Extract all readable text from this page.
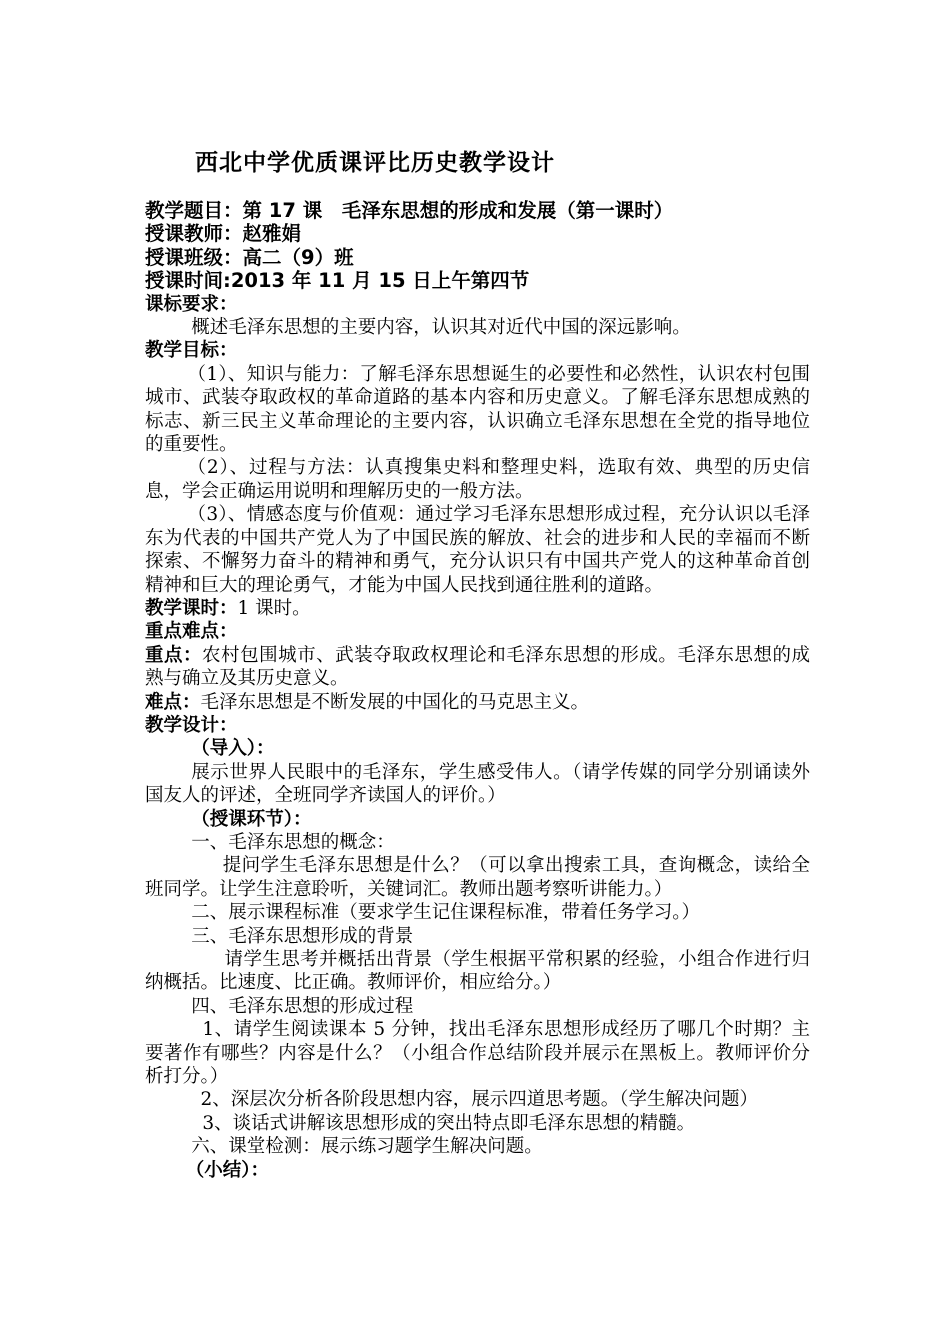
西北中学优质课评比历史教学设计

教学题目：第 17 课　毛泽东思想的形成和发展（第一课时）

授课教师：赵雅娟

授课班级：高二（9）班

授课时间:2013 年 11 月 15 日上午第四节

课标要求：

概述毛泽东思想的主要内容，认识其对近代中国的深远影响。

教学目标：

（1）、知识与能力：了解毛泽东思想诞生的必要性和必然性，认识农村包围城市、武装夺取政权的革命道路的基本内容和历史意义。了解毛泽东思想成熟的标志、新三民主义革命理论的主要内容，认识确立毛泽东思想在全党的指导地位的重要性。

（2）、过程与方法：认真搜集史料和整理史料，选取有效、典型的历史信息，学会正确运用说明和理解历史的一般方法。

（3）、情感态度与价值观：通过学习毛泽东思想形成过程，充分认识以毛泽东为代表的中国共产党人为了中国民族的解放、社会的进步和人民的幸福而不断探索、不懈努力奋斗的精神和勇气，充分认识只有中国共产党人的这种革命首创精神和巨大的理论勇气，才能为中国人民找到通往胜利的道路。

教学课时：1 课时。

重点难点：

重点：农村包围城市、武装夺取政权理论和毛泽东思想的形成。毛泽东思想的成熟与确立及其历史意义。

难点：毛泽东思想是不断发展的中国化的马克思主义。

教学设计：

（导入）：

展示世界人民眼中的毛泽东，学生感受伟人。（请学传媒的同学分别诵读外国友人的评述，全班同学齐读国人的评价。）

（授课环节）：

一、毛泽东思想的概念：

提问学生毛泽东思想是什么？（可以拿出搜索工具，查询概念，读给全班同学。让学生注意聆听，关键词汇。教师出题考察听讲能力。）

二、展示课程标准（要求学生记住课程标准，带着任务学习。）

三、毛泽东思想形成的背景

请学生思考并概括出背景（学生根据平常积累的经验，小组合作进行归纳概括。比速度、比正确。教师评价，相应给分。）

四、毛泽东思想的形成过程

1、请学生阅读课本 5 分钟，找出毛泽东思想形成经历了哪几个时期？主要著作有哪些？内容是什么？（小组合作总结阶段并展示在黑板上。教师评价分析打分。）

2、深层次分析各阶段思想内容，展示四道思考题。（学生解决问题）

3、谈话式讲解该思想形成的突出特点即毛泽东思想的精髓。

六、课堂检测：展示练习题学生解决问题。

（小结）：
